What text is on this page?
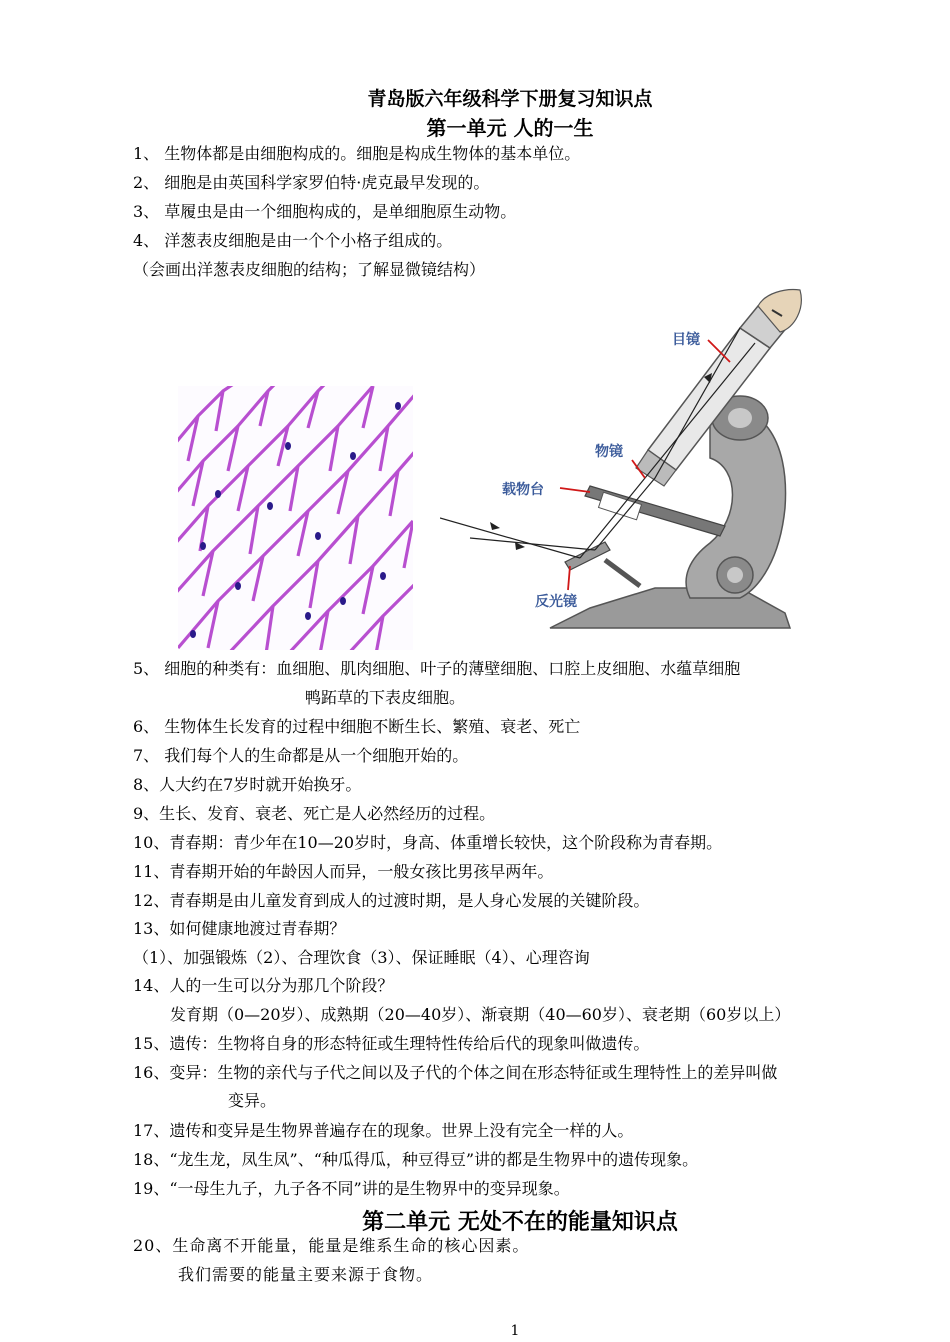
青岛版六年级科学下册复习知识点
第一单元 人的一生
1、 生物体都是由细胞构成的。细胞是构成生物体的基本单位。
2、 细胞是由英国科学家罗伯特·虎克最早发现的。
3、 草履虫是由一个细胞构成的，是单细胞原生动物。
4、 洋葱表皮细胞是由一个个小格子组成的。
（会画出洋葱表皮细胞的结构；了解显微镜结构）
目镜
物镜
载物台
反光镜
5、 细胞的种类有：血细胞、肌肉细胞、叶子的薄壁细胞、口腔上皮细胞、水蕴草细胞
鸭跖草的下表皮细胞。
6、 生物体生长发育的过程中细胞不断生长、繁殖、衰老、死亡
7、 我们每个人的生命都是从一个细胞开始的。
8、人大约在7岁时就开始换牙。
9、生长、发育、衰老、死亡是人必然经历的过程。
10、青春期：青少年在10—20岁时，身高、体重增长较快，这个阶段称为青春期。
11、青春期开始的年龄因人而异，一般女孩比男孩早两年。
12、青春期是由儿童发育到成人的过渡时期，是人身心发展的关键阶段。
13、如何健康地渡过青春期？
（1）、加强锻炼（2）、合理饮食（3）、保证睡眠（4）、心理咨询
14、人的一生可以分为那几个阶段？
发育期（0—20岁）、成熟期（20—40岁）、渐衰期（40—60岁）、衰老期（60岁以上）
15、遗传：生物将自身的形态特征或生理特性传给后代的现象叫做遗传。
16、变异：生物的亲代与子代之间以及子代的个体之间在形态特征或生理特性上的差异叫做
变异。
17、遗传和变异是生物界普遍存在的现象。世界上没有完全一样的人。
18、“龙生龙，凤生凤”、“种瓜得瓜，种豆得豆”讲的都是生物界中的遗传现象。
19、“一母生九子，九子各不同”讲的是生物界中的变异现象。
第二单元 无处不在的能量知识点
20、生命离不开能量，能量是维系生命的核心因素。
我们需要的能量主要来源于食物。
1
